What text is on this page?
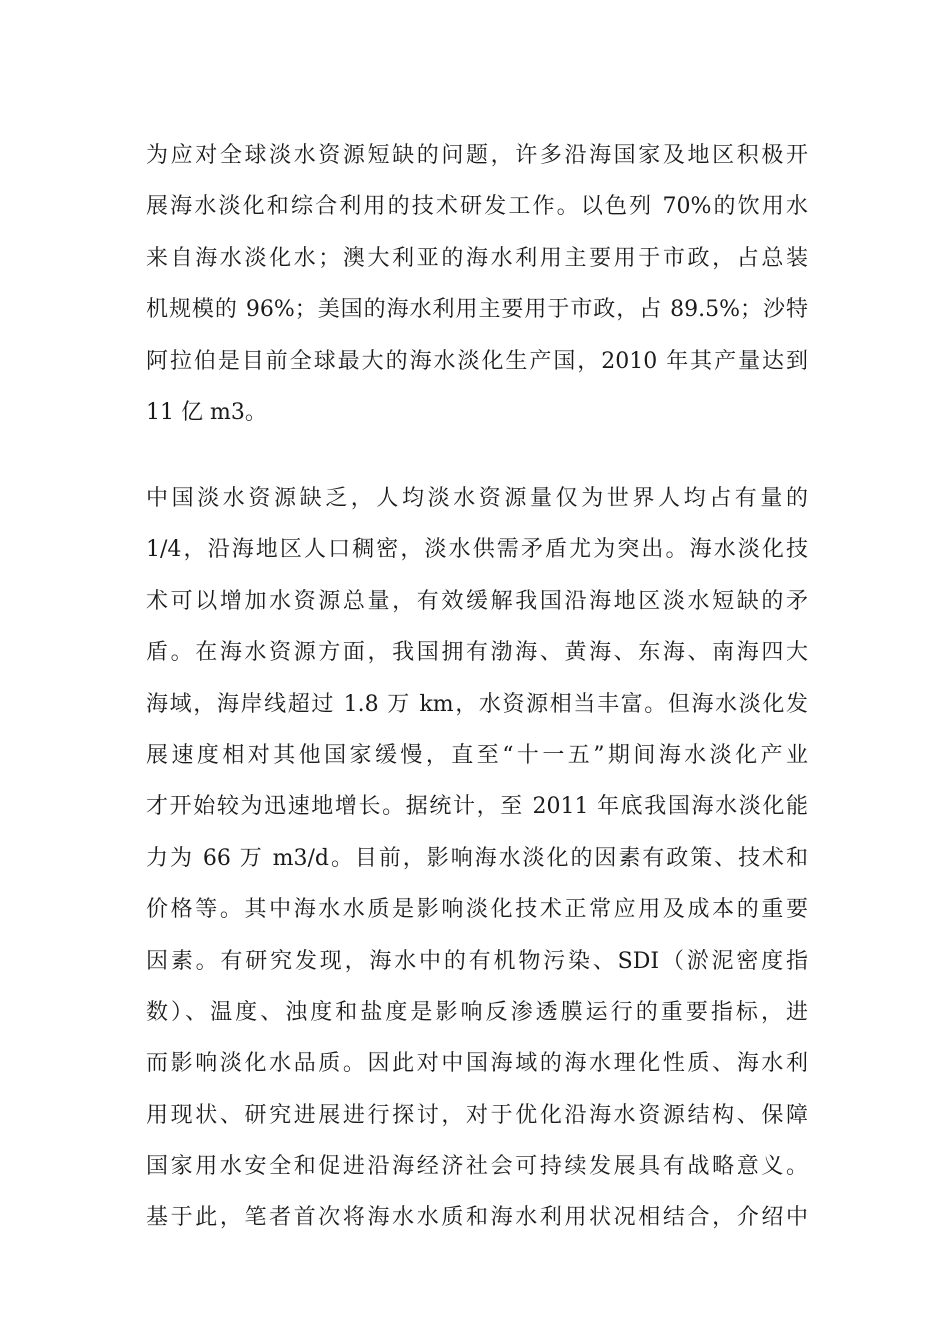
为应对全球淡水资源短缺的问题，许多沿海国家及地区积极开
展海水淡化和综合利用的技术研发工作。以色列 70%的饮用水
来自海水淡化水；澳大利亚的海水利用主要用于市政，占总装
机规模的 96%；美国的海水利用主要用于市政，占 89.5%；沙特
阿拉伯是目前全球最大的海水淡化生产国，2010 年其产量达到
11 亿 m3。
中国淡水资源缺乏，人均淡水资源量仅为世界人均占有量的
1/4，沿海地区人口稠密，淡水供需矛盾尤为突出。海水淡化技
术可以增加水资源总量，有效缓解我国沿海地区淡水短缺的矛
盾。在海水资源方面，我国拥有渤海、黄海、东海、南海四大
海域，海岸线超过 1.8 万 km，水资源相当丰富。但海水淡化发
展速度相对其他国家缓慢，直至“十一五”期间海水淡化产业
才开始较为迅速地增长。据统计，至 2011 年底我国海水淡化能
力为 66 万 m3/d。目前，影响海水淡化的因素有政策、技术和
价格等。其中海水水质是影响淡化技术正常应用及成本的重要
因素。有研究发现，海水中的有机物污染、SDI（淤泥密度指
数）、温度、浊度和盐度是影响反渗透膜运行的重要指标，进
而影响淡化水品质。因此对中国海域的海水理化性质、海水利
用现状、研究进展进行探讨，对于优化沿海水资源结构、保障
国家用水安全和促进沿海经济社会可持续发展具有战略意义。
基于此，笔者首次将海水水质和海水利用状况相结合，介绍中
